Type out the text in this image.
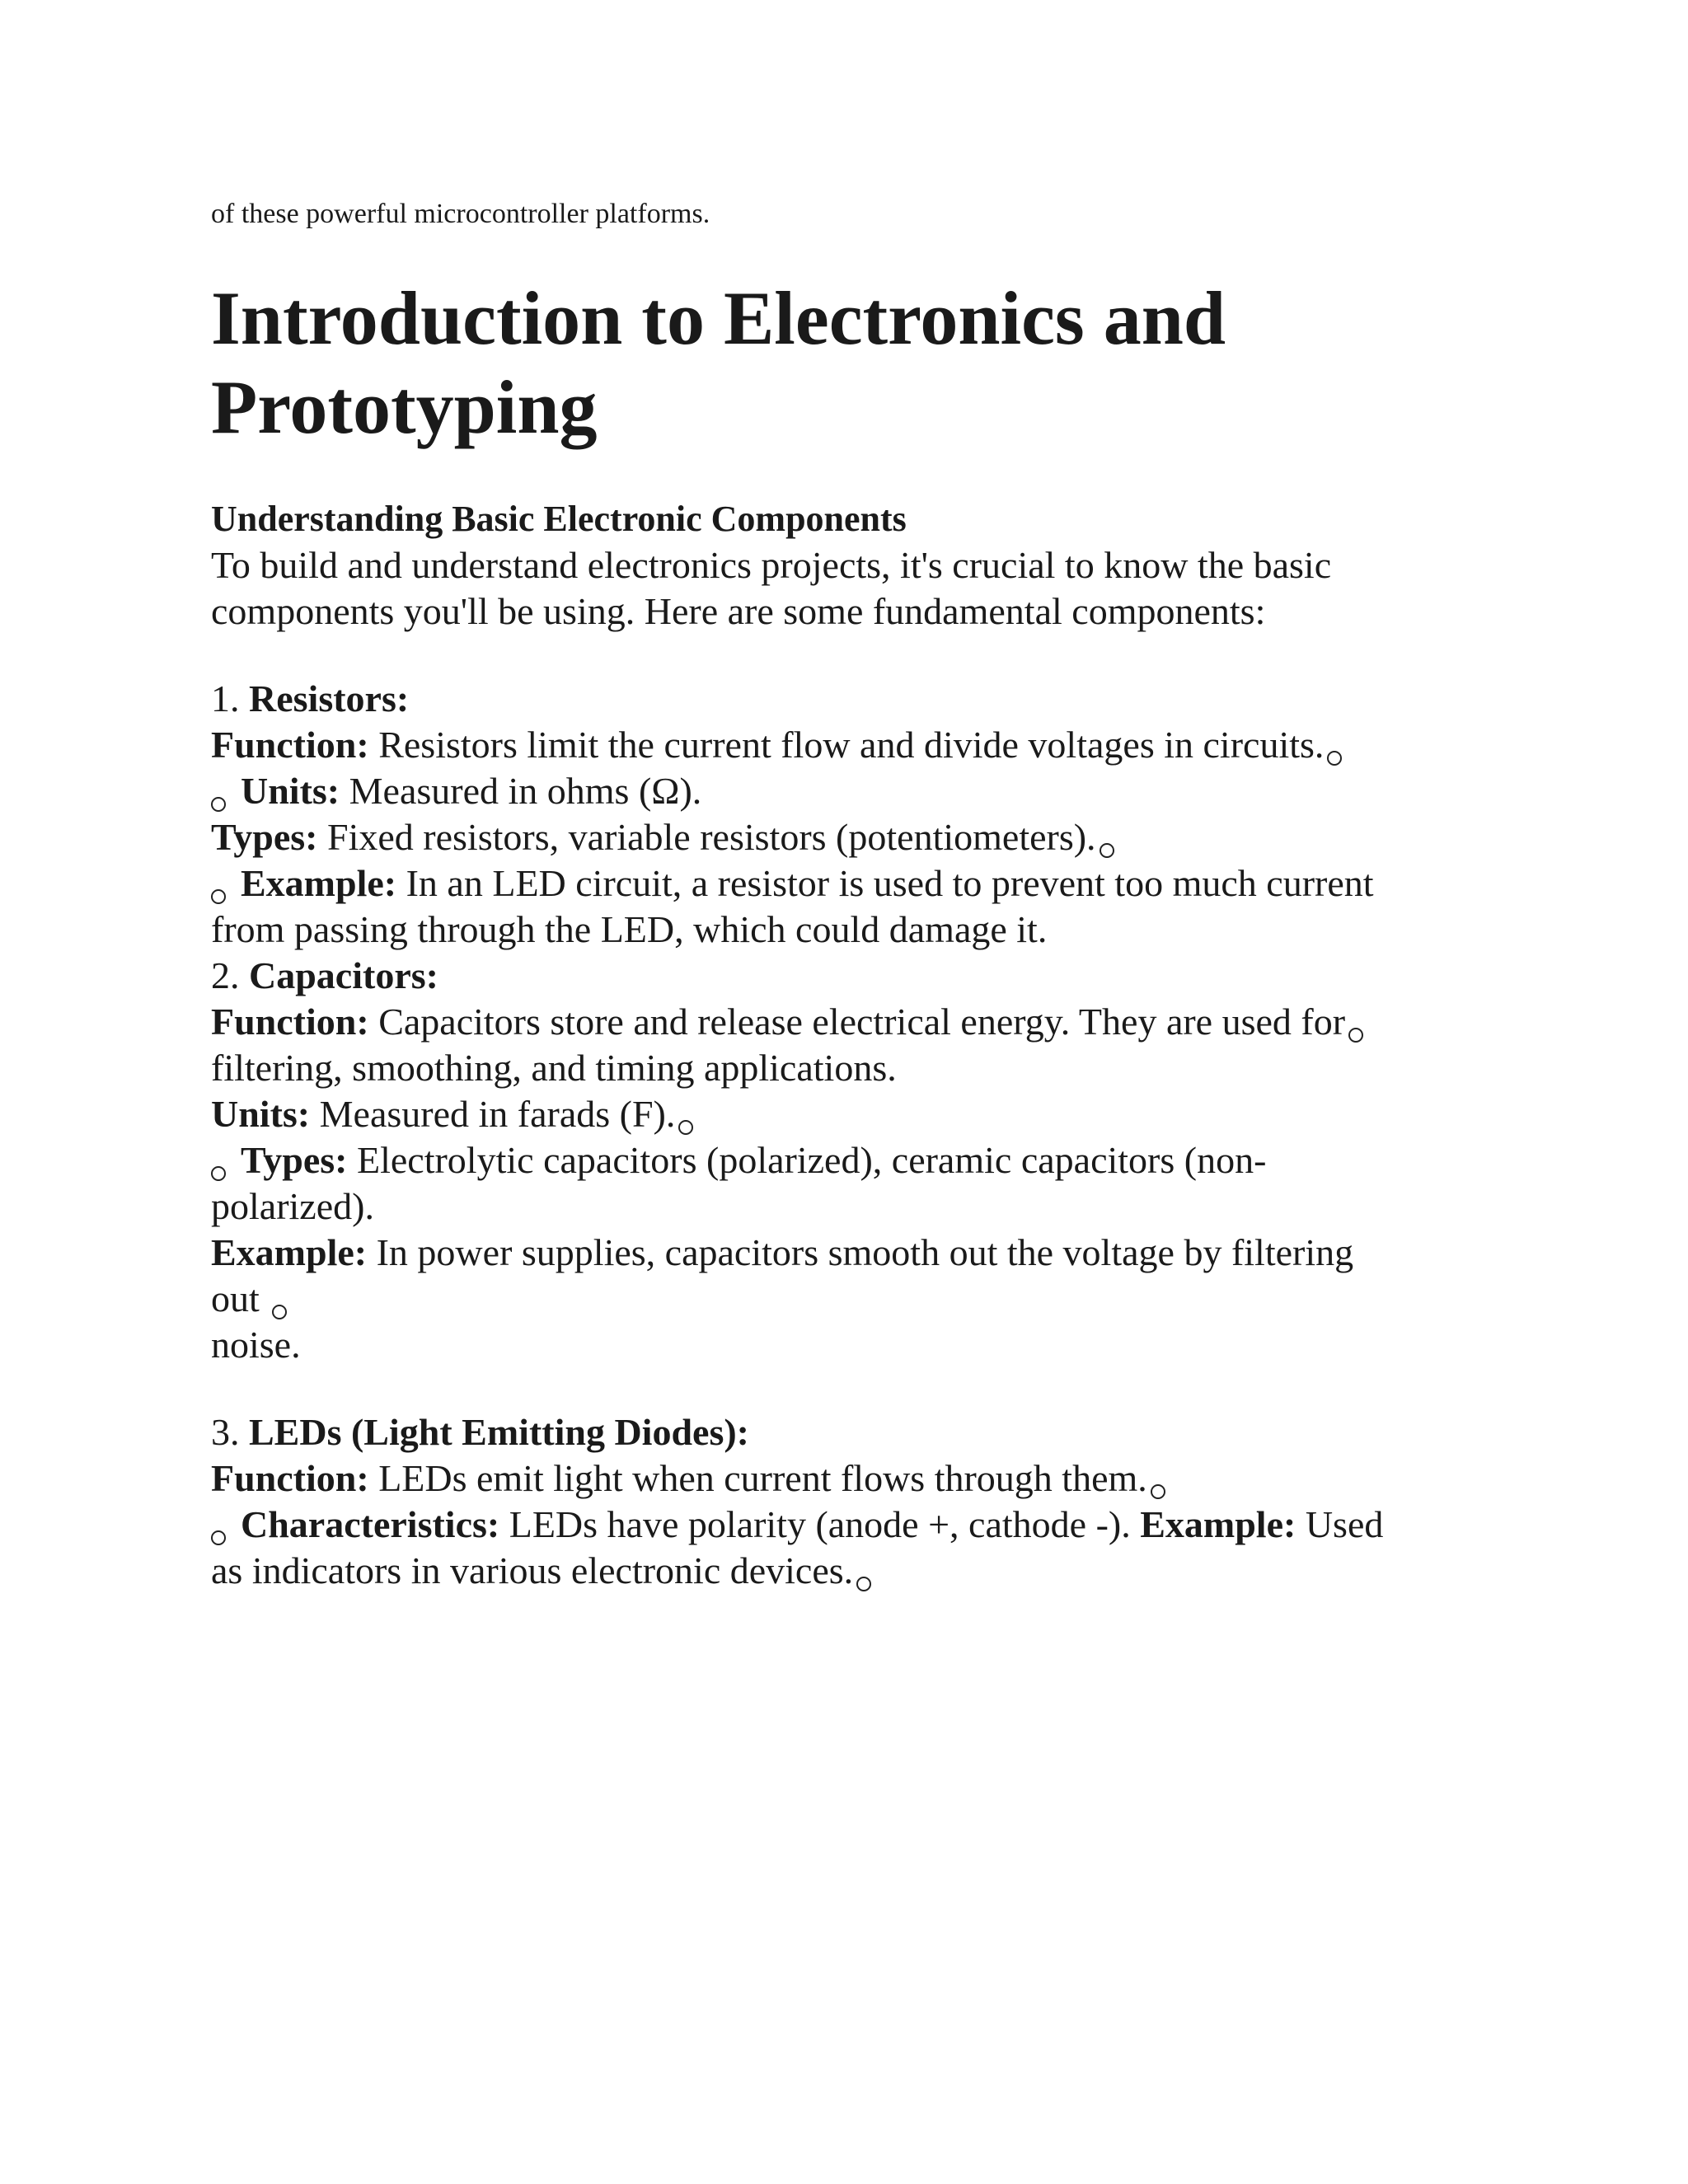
of these powerful microcontroller platforms.

Introduction to Electronics and
Prototyping
Understanding Basic Electronic Components

To build and understand electronics projects, it's crucial to know the basic
components you'll be using. Here are some fundamental components:

1. Resistors:

Function: Resistors limit the current flow and divide voltages in circuits.

Units: Measured in ohms (Ω).

Types: Fixed resistors, variable resistors (potentiometers).

Example: In an LED circuit, a resistor is used to prevent too much current

from passing through the LED, which could damage it.

2. Capacitors:

Function: Capacitors store and release electrical energy. They are used for

filtering, smoothing, and timing applications.

Units: Measured in farads (F).

Types: Electrolytic capacitors (polarized), ceramic capacitors (non-

polarized).

Example: In power supplies, capacitors smooth out the voltage by filtering

out

noise.

3. LEDs (Light Emitting Diodes):

Function: LEDs emit light when current flows through them.

Characteristics: LEDs have polarity (anode +, cathode -). Example: Used

as indicators in various electronic devices.
